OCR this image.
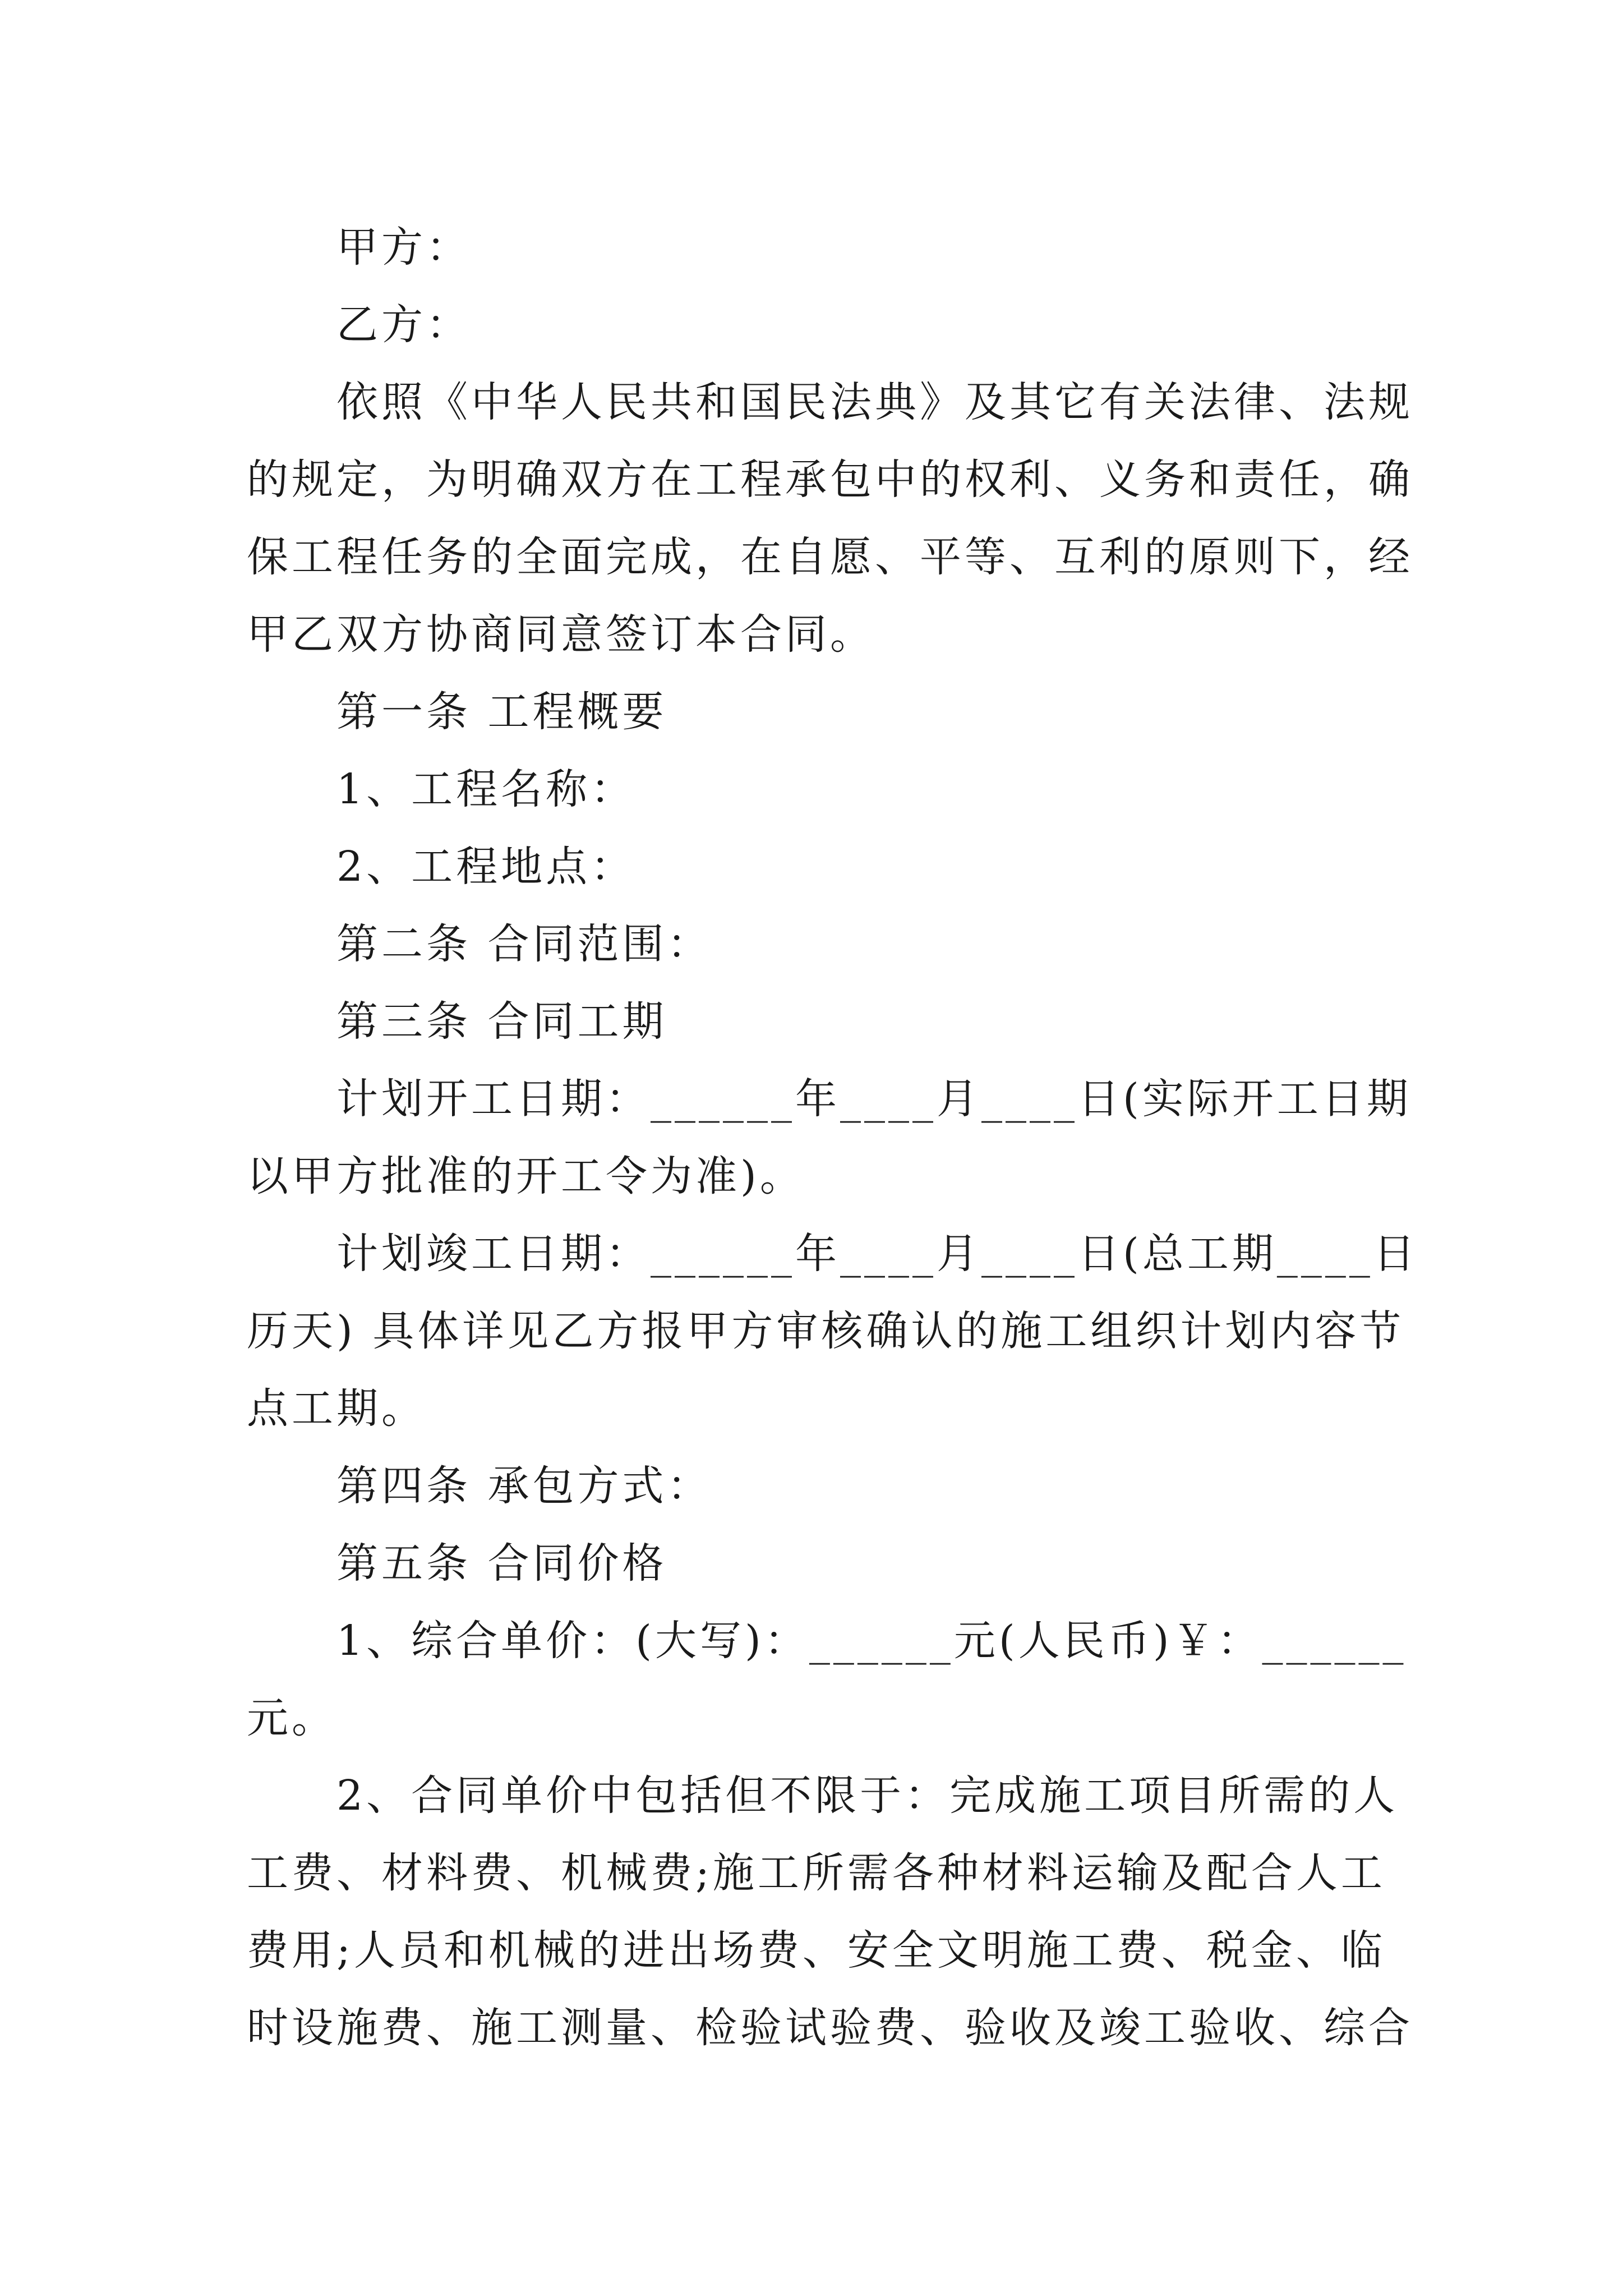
甲方：
乙方：
依照《中华人民共和国民法典》及其它有关法律、法规
的规定，为明确双方在工程承包中的权利、义务和责任，确
保工程任务的全面完成，在自愿、平等、互利的原则下，经
甲乙双方协商同意签订本合同。
第一条 工程概要
1、工程名称：
2、工程地点：
第二条 合同范围：
第三条 合同工期
计划开工日期：______年____月____日(实际开工日期
以甲方批准的开工令为准)。
计划竣工日期：______年____月____日(总工期____日
历天) 具体详见乙方报甲方审核确认的施工组织计划内容节
点工期。
第四条 承包方式：
第五条 合同价格
1、综合单价：(大写)：______元(人民币)￥：______
元。
2、合同单价中包括但不限于：完成施工项目所需的人
工费、材料费、机械费;施工所需各种材料运输及配合人工
费用;人员和机械的进出场费、安全文明施工费、税金、临
时设施费、施工测量、检验试验费、验收及竣工验收、综合
